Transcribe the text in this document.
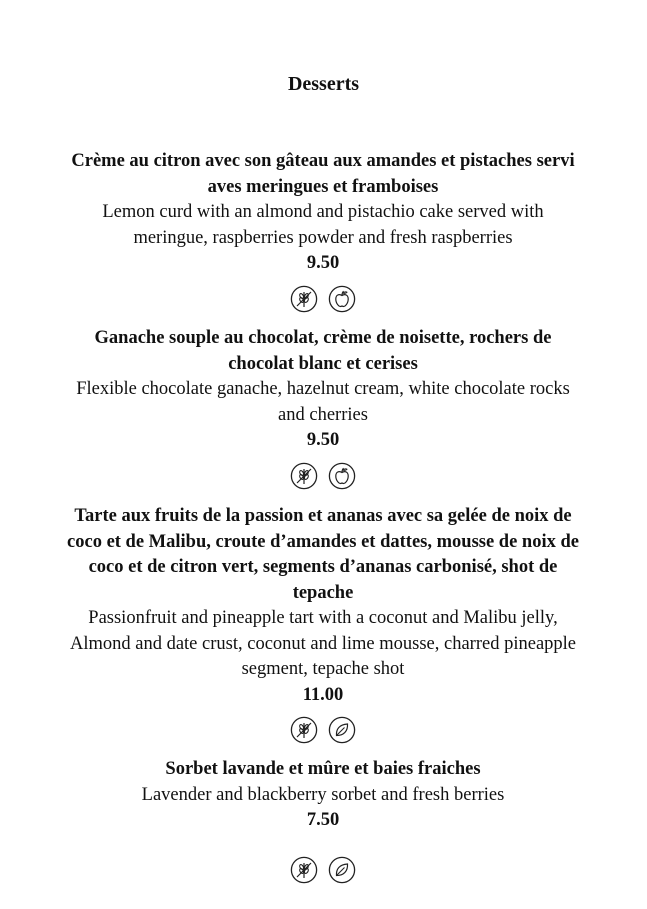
Desserts

Crème au citron avec son gâteau aux amandes et pistaches servi aves meringues et framboises

Lemon curd with an almond and pistachio cake served with meringue, raspberries powder and fresh raspberries

9.50

Ganache souple au chocolat, crème de noisette, rochers de chocolat blanc et cerises

Flexible chocolate ganache, hazelnut cream, white chocolate rocks and cherries

9.50

Tarte aux fruits de la passion et ananas avec sa gelée de noix de coco et de Malibu, croute d’amandes et dattes, mousse de noix de coco et de citron vert, segments d’ananas carbonisé, shot de tepache

Passionfruit and pineapple tart with a coconut and Malibu jelly, Almond and date crust, coconut and lime mousse, charred pineapple segment, tepache shot

11.00

Sorbet lavande et mûre et baies fraiches

Lavender and blackberry sorbet and fresh berries

7.50
